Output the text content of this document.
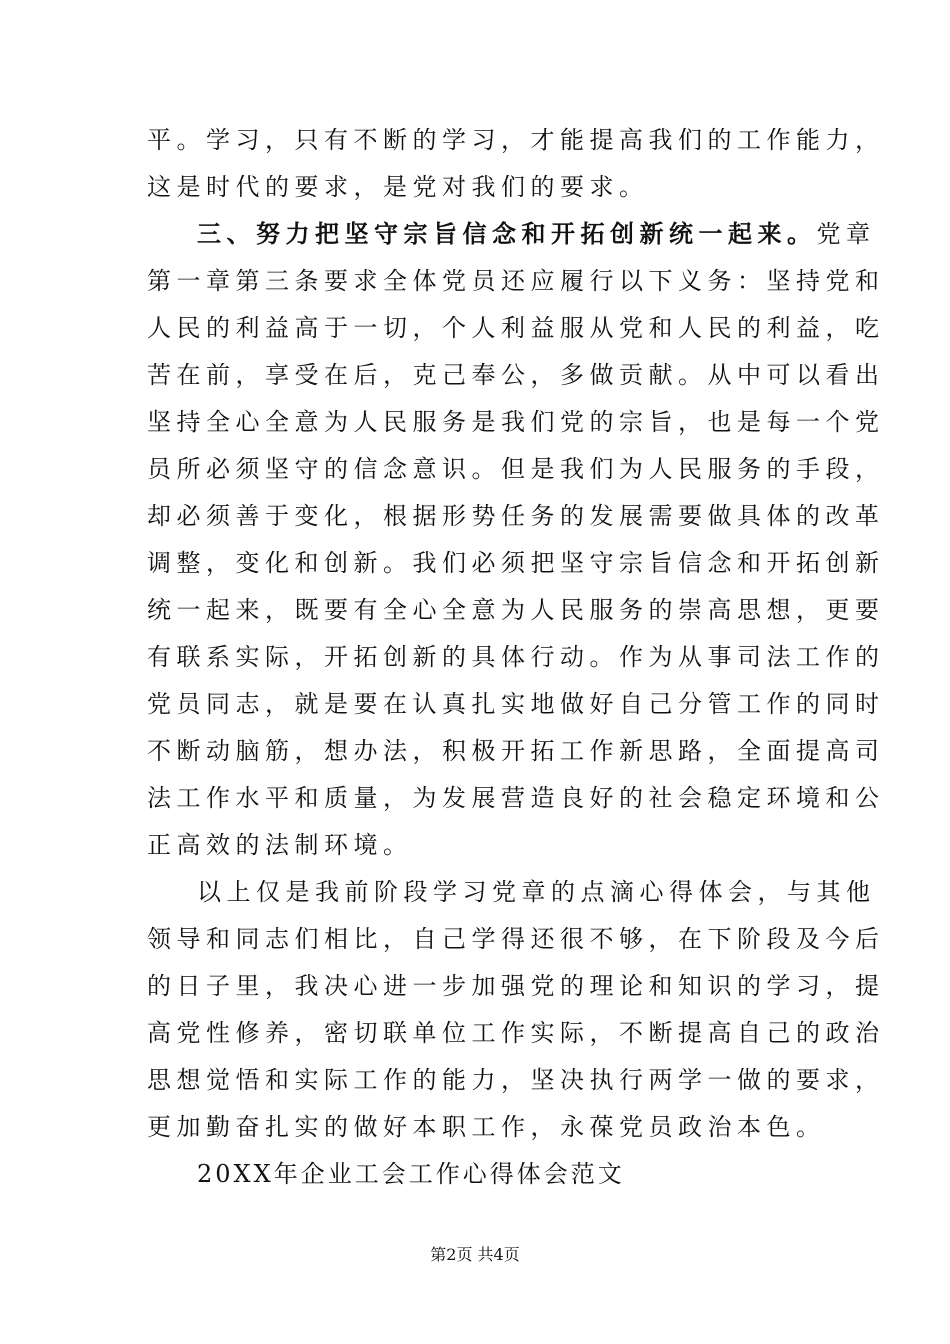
平。学习，只有不断的学习，才能提高我们的工作能力，
这是时代的要求，是党对我们的要求。
三、努力把坚守宗旨信念和开拓创新统一起来。党章
第一章第三条要求全体党员还应履行以下义务：坚持党和
人民的利益高于一切，个人利益服从党和人民的利益，吃
苦在前，享受在后，克己奉公，多做贡献。从中可以看出
坚持全心全意为人民服务是我们党的宗旨，也是每一个党
员所必须坚守的信念意识。但是我们为人民服务的手段，
却必须善于变化，根据形势任务的发展需要做具体的改革
调整，变化和创新。我们必须把坚守宗旨信念和开拓创新
统一起来，既要有全心全意为人民服务的崇高思想，更要
有联系实际，开拓创新的具体行动。作为从事司法工作的
党员同志，就是要在认真扎实地做好自己分管工作的同时
不断动脑筋，想办法，积极开拓工作新思路，全面提高司
法工作水平和质量，为发展营造良好的社会稳定环境和公
正高效的法制环境。
以上仅是我前阶段学习党章的点滴心得体会，与其他
领导和同志们相比，自己学得还很不够，在下阶段及今后
的日子里，我决心进一步加强党的理论和知识的学习，提
高党性修养，密切联单位工作实际，不断提高自己的政治
思想觉悟和实际工作的能力，坚决执行两学一做的要求，
更加勤奋扎实的做好本职工作，永葆党员政治本色。
20XX年企业工会工作心得体会范文
第2页 共4页
